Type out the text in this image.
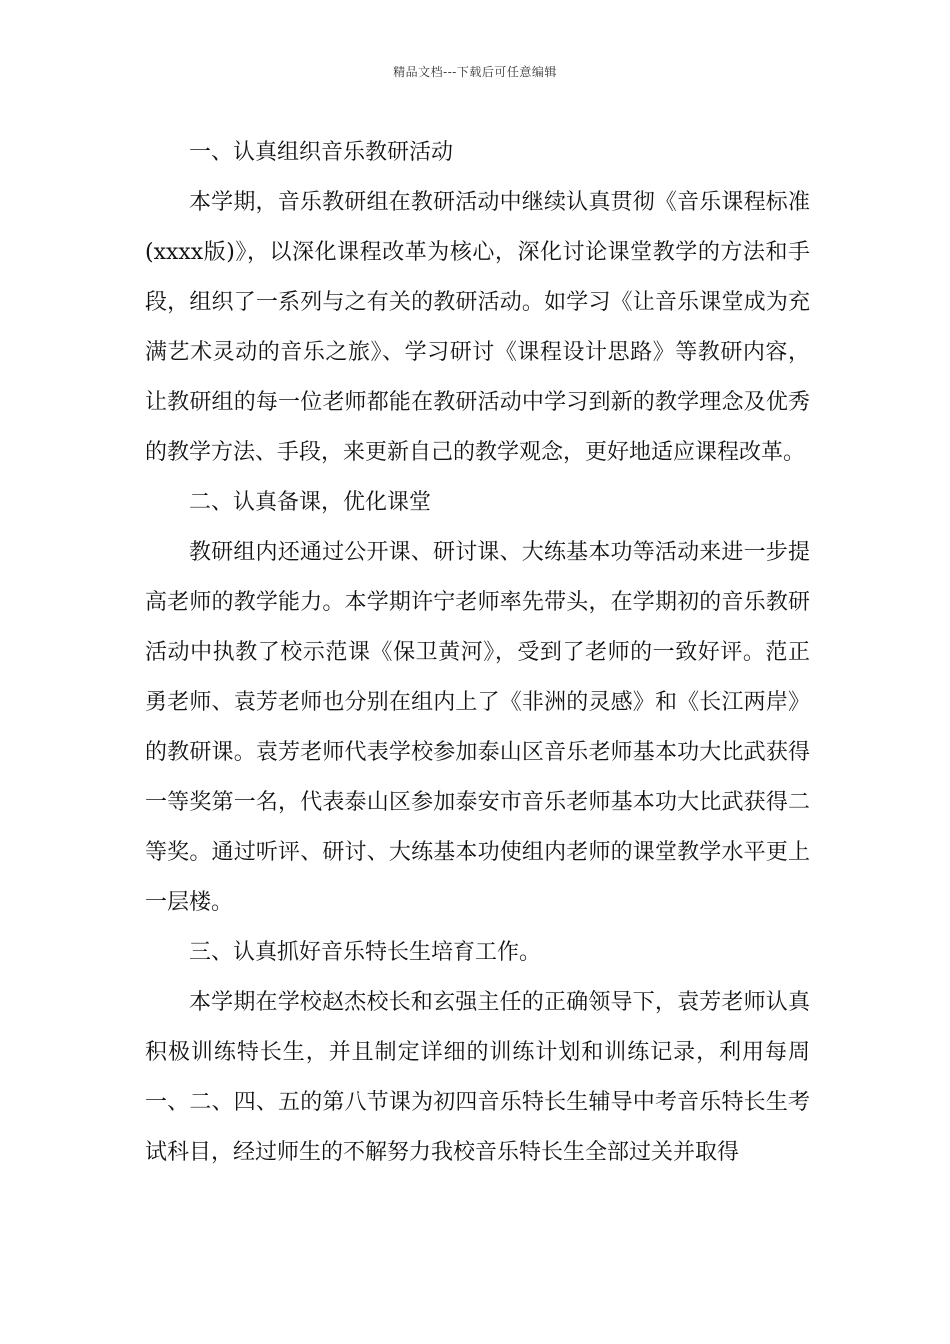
精品文档---下载后可任意编辑

一、认真组织音乐教研活动

本学期，音乐教研组在教研活动中继续认真贯彻《音乐课程标准(xxxx版)》，以深化课程改革为核心，深化讨论课堂教学的方法和手段，组织了一系列与之有关的教研活动。如学习《让音乐课堂成为充满艺术灵动的音乐之旅》、学习研讨《课程设计思路》等教研内容，让教研组的每一位老师都能在教研活动中学习到新的教学理念及优秀的教学方法、手段，来更新自己的教学观念，更好地适应课程改革。

二、认真备课，优化课堂

教研组内还通过公开课、研讨课、大练基本功等活动来进一步提高老师的教学能力。本学期许宁老师率先带头，在学期初的音乐教研活动中执教了校示范课《保卫黄河》，受到了老师的一致好评。范正勇老师、袁芳老师也分别在组内上了《非洲的灵感》和《长江两岸》的教研课。袁芳老师代表学校参加泰山区音乐老师基本功大比武获得一等奖第一名，代表泰山区参加泰安市音乐老师基本功大比武获得二等奖。通过听评、研讨、大练基本功使组内老师的课堂教学水平更上一层楼。

三、认真抓好音乐特长生培育工作。

本学期在学校赵杰校长和玄强主任的正确领导下，袁芳老师认真积极训练特长生，并且制定详细的训练计划和训练记录，利用每周一、二、四、五的第八节课为初四音乐特长生辅导中考音乐特长生考试科目，经过师生的不解努力我校音乐特长生全部过关并取得
